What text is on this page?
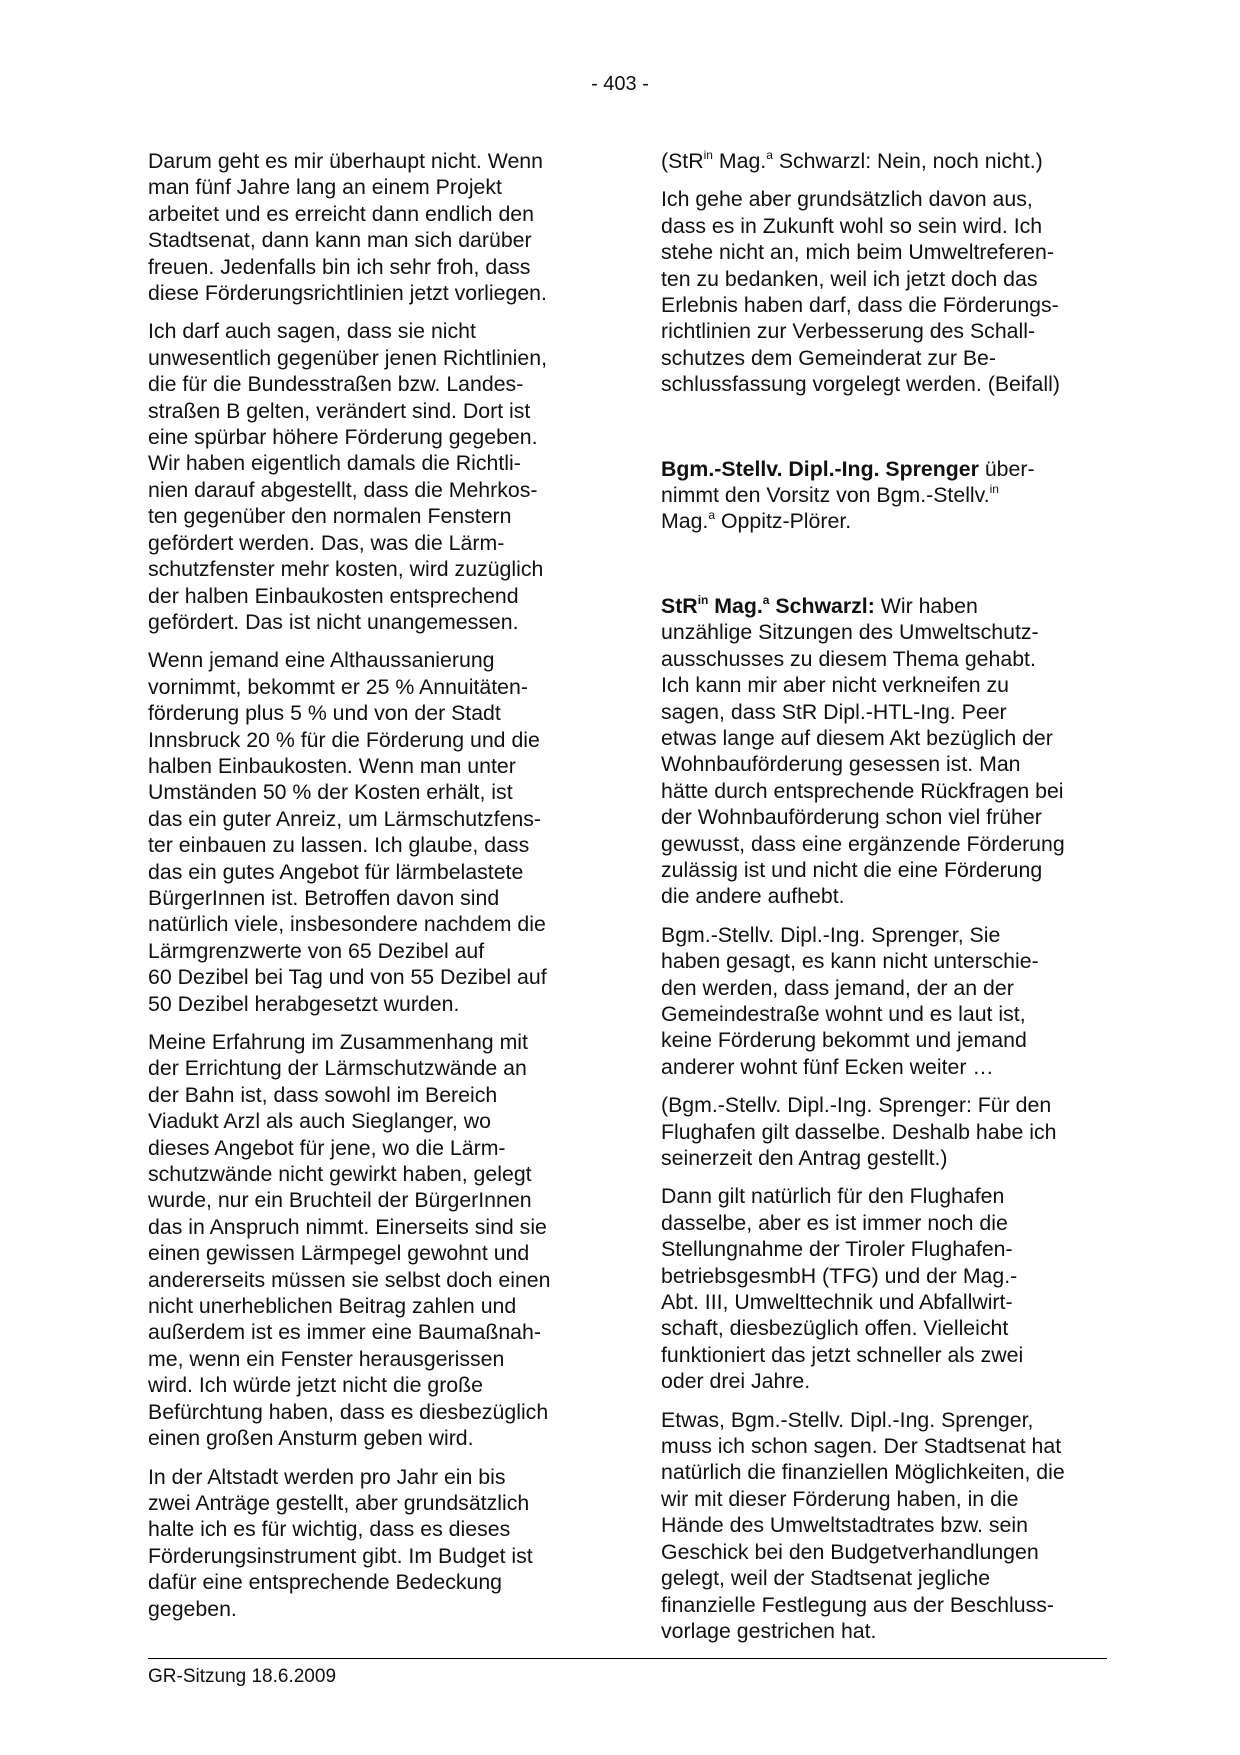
- 403 -

Darum geht es mir überhaupt nicht. Wenn
man fünf Jahre lang an einem Projekt
arbeitet und es erreicht dann endlich den
Stadtsenat, dann kann man sich darüber
freuen. Jedenfalls bin ich sehr froh, dass
diese Förderungsrichtlinien jetzt vorliegen.

Ich darf auch sagen, dass sie nicht
unwesentlich gegenüber jenen Richtlinien,
die für die Bundesstraßen bzw. Landes-
straßen B gelten, verändert sind. Dort ist
eine spürbar höhere Förderung gegeben.
Wir haben eigentlich damals die Richtli-
nien darauf abgestellt, dass die Mehrkos-
ten gegenüber den normalen Fenstern
gefördert werden. Das, was die Lärm-
schutzfenster mehr kosten, wird zuzüglich
der halben Einbaukosten entsprechend
gefördert. Das ist nicht unangemessen.

Wenn jemand eine Althaussanierung
vornimmt, bekommt er 25 % Annuitäten-
förderung plus 5 % und von der Stadt
Innsbruck 20 % für die Förderung und die
halben Einbaukosten. Wenn man unter
Umständen 50 % der Kosten erhält, ist
das ein guter Anreiz, um Lärmschutzfens-
ter einbauen zu lassen. Ich glaube, dass
das ein gutes Angebot für lärmbelastete
BürgerInnen ist. Betroffen davon sind
natürlich viele, insbesondere nachdem die
Lärmgrenzwerte von 65 Dezibel auf
60 Dezibel bei Tag und von 55 Dezibel auf
50 Dezibel herabgesetzt wurden.

Meine Erfahrung im Zusammenhang mit
der Errichtung der Lärmschutzwände an
der Bahn ist, dass sowohl im Bereich
Viadukt Arzl als auch Sieglanger, wo
dieses Angebot für jene, wo die Lärm-
schutzwände nicht gewirkt haben, gelegt
wurde, nur ein Bruchteil der BürgerInnen
das in Anspruch nimmt. Einerseits sind sie
einen gewissen Lärmpegel gewohnt und
andererseits müssen sie selbst doch einen
nicht unerheblichen Beitrag zahlen und
außerdem ist es immer eine Baumaßnah-
me, wenn ein Fenster herausgerissen
wird. Ich würde jetzt nicht die große
Befürchtung haben, dass es diesbezüglich
einen großen Ansturm geben wird.

In der Altstadt werden pro Jahr ein bis
zwei Anträge gestellt, aber grundsätzlich
halte ich es für wichtig, dass es dieses
Förderungsinstrument gibt. Im Budget ist
dafür eine entsprechende Bedeckung
gegeben.

(StR$^{in}$ Mag.$^a$ Schwarzl: Nein, noch nicht.)

Ich gehe aber grundsätzlich davon aus,
dass es in Zukunft wohl so sein wird. Ich
stehe nicht an, mich beim Umweltreferen-
ten zu bedanken, weil ich jetzt doch das
Erlebnis haben darf, dass die Förderungs-
richtlinien zur Verbesserung des Schall-
schutzes dem Gemeinderat zur Be-
schlussfassung vorgelegt werden. (Beifall)

Bgm.-Stellv. Dipl.-Ing. Sprenger über-
nimmt den Vorsitz von Bgm.-Stellv.$^{in}$
Mag.$^a$ Oppitz-Plörer.

StR$^{in}$ Mag.$^a$ Schwarzl: Wir haben
unzählige Sitzungen des Umweltschutz-
ausschusses zu diesem Thema gehabt.
Ich kann mir aber nicht verkneifen zu
sagen, dass StR Dipl.-HTL-Ing. Peer
etwas lange auf diesem Akt bezüglich der
Wohnbauförderung gesessen ist. Man
hätte durch entsprechende Rückfragen bei
der Wohnbauförderung schon viel früher
gewusst, dass eine ergänzende Förderung
zulässig ist und nicht die eine Förderung
die andere aufhebt.

Bgm.-Stellv. Dipl.-Ing. Sprenger, Sie
haben gesagt, es kann nicht unterschie-
den werden, dass jemand, der an der
Gemeindestraße wohnt und es laut ist,
keine Förderung bekommt und jemand
anderer wohnt fünf Ecken weiter …

(Bgm.-Stellv. Dipl.-Ing. Sprenger: Für den
Flughafen gilt dasselbe. Deshalb habe ich
seinerzeit den Antrag gestellt.)

Dann gilt natürlich für den Flughafen
dasselbe, aber es ist immer noch die
Stellungnahme der Tiroler Flughafen-
betriebsgesmbH (TFG) und der Mag.-
Abt. III, Umwelttechnik und Abfallwirt-
schaft, diesbezüglich offen. Vielleicht
funktioniert das jetzt schneller als zwei
oder drei Jahre.

Etwas, Bgm.-Stellv. Dipl.-Ing. Sprenger,
muss ich schon sagen. Der Stadtsenat hat
natürlich die finanziellen Möglichkeiten, die
wir mit dieser Förderung haben, in die
Hände des Umweltstadtrates bzw. sein
Geschick bei den Budgetverhandlungen
gelegt, weil der Stadtsenat jegliche
finanzielle Festlegung aus der Beschluss-
vorlage gestrichen hat.

GR-Sitzung 18.6.2009
